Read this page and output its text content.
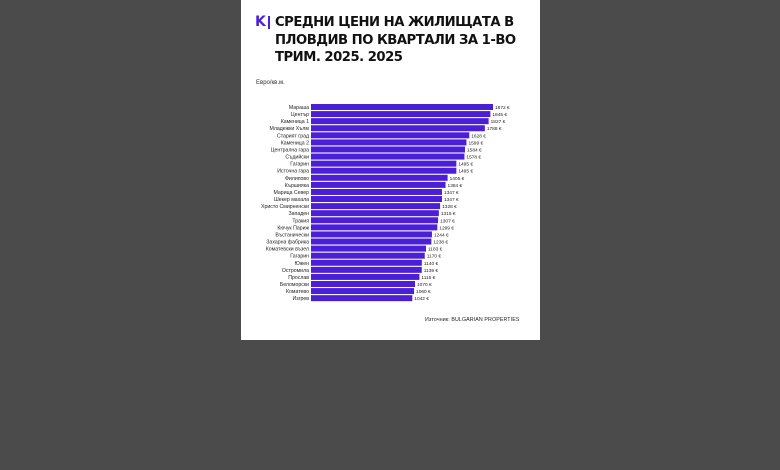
K СРЕДНИ ЦЕНИ НА ЖИЛИЩАТА В ПЛОВДИВ ПО КВАРТАЛИ ЗА 1-ВО ТРИМ. 2025. 2025
Евро/кв.м.
Мараша	1872 €
Център	1845 €
Каменица 1	1827 €
Младежки Хълм	1788 €
Старият град	1628 €
Каменица 2	1599 €
Централна гара	1584 €
Съдийски	1578 €
Гагарин	1495 €
Источна гара	1495 €
Филипово	1405 €
Кършияка	1384 €
Марица Север	1347 €
Шекер махала	1347 €
Христо Смирненски	1328 €
Западен	1315 €
Тракия	1307 €
Кючук Париж	1299 €
Въстанически	1244 €
Захарна фабрика	1238 €
Коматевски възел	1183 €
Гагарин	1170 €
Южен	1140 €
Остромила	1139 €
Прослав	1115 €
Беломорски	1070 €
Коматево	1060 €
Изгрев	1042 €
Източник: BULGARIAN PROPERTIES
